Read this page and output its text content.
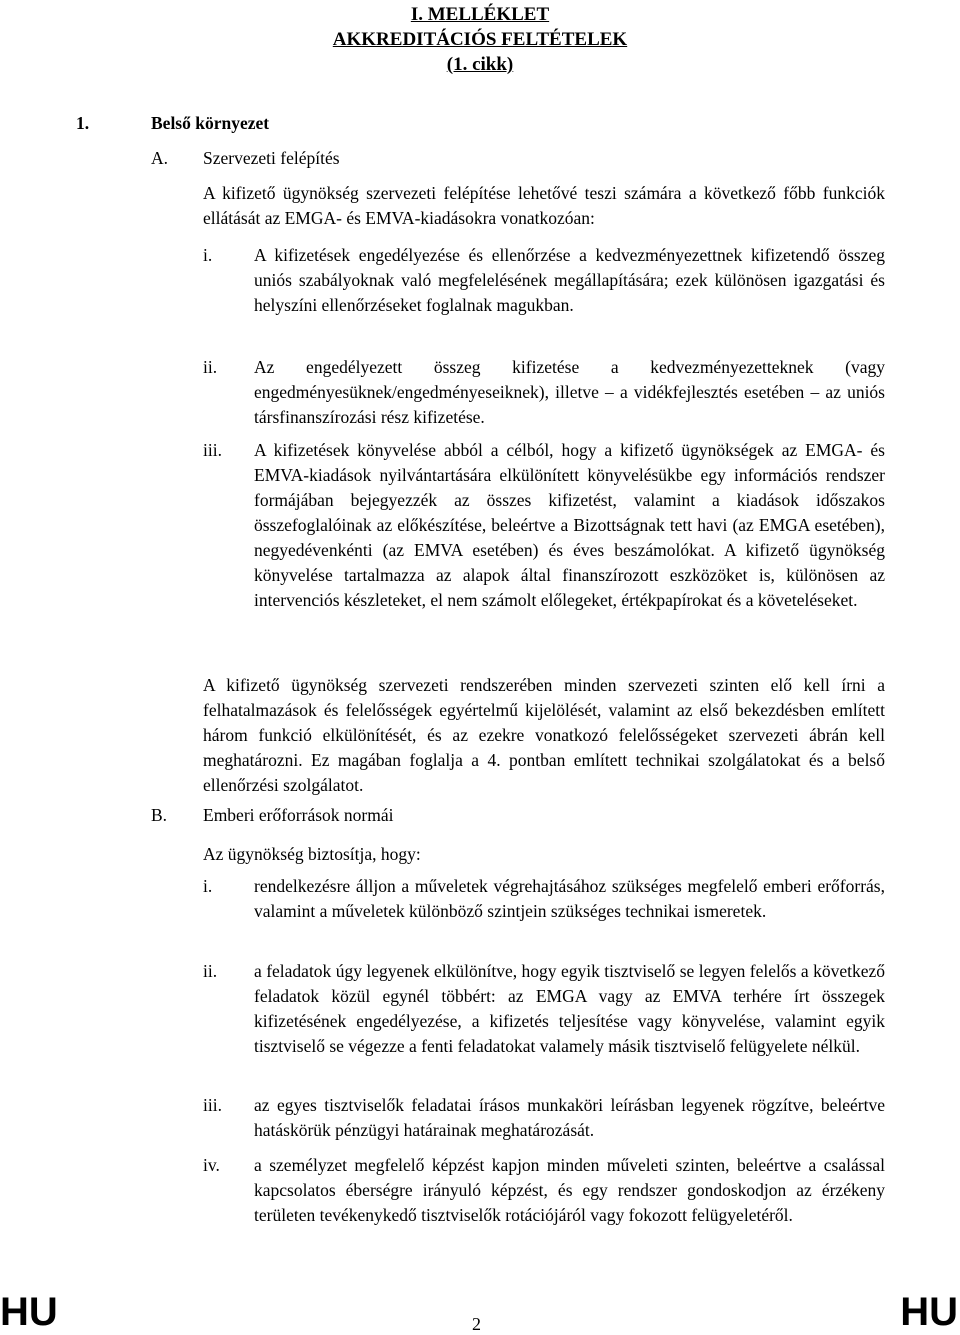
I. MELLÉKLET
AKKREDITÁCIÓS FELTÉTELEK
(1. cikk)
1.	Belső környezet
A. Szervezeti felépítés

A kifizető ügynökség szervezeti felépítése lehetővé teszi számára a következő főbb funkciók ellátását az EMGA- és EMVA-kiadásokra vonatkozóan:

i. A kifizetések engedélyezése és ellenőrzése a kedvezményezettnek kifizetendő összeg uniós szabályoknak való megfelelésének megállapítására; ezek különösen igazgatási és helyszíni ellenőrzéseket foglalnak magukban.

ii. Az engedélyezett összeg kifizetése a kedvezményezetteknek (vagy engedményesüknek/engedményeseiknek), illetve – a vidékfejlesztés esetében – az uniós társfinanszírozási rész kifizetése.

iii. A kifizetések könyvelése abból a célból, hogy a kifizető ügynökségek az EMGA- és EMVA-kiadások nyilvántartására elkülönített könyvelésükbe egy információs rendszer formájában bejegyezzék az összes kifizetést, valamint a kiadások időszakos összefoglalóinak az előkészítése, beleértve a Bizottságnak tett havi (az EMGA esetében), negyedévenkénti (az EMVA esetében) és éves beszámolókat. A kifizető ügynökség könyvelése tartalmazza az alapok által finanszírozott eszközöket is, különösen az intervenciós készleteket, el nem számolt előlegeket, értékpapírokat és a követeléseket.

A kifizető ügynökség szervezeti rendszerében minden szervezeti szinten elő kell írni a felhatalmazások és felelősségek egyértelmű kijelölését, valamint az első bekezdésben említett három funkció elkülönítését, és az ezekre vonatkozó felelősségeket szervezeti ábrán kell meghatározni. Ez magában foglalja a 4. pontban említett technikai szolgálatokat és a belső ellenőrzési szolgálatot.

B. Emberi erőforrások normái

Az ügynökség biztosítja, hogy:

i. rendelkezésre álljon a műveletek végrehajtásához szükséges megfelelő emberi erőforrás, valamint a műveletek különböző szintjein szükséges technikai ismeretek.

ii. a feladatok úgy legyenek elkülönítve, hogy egyik tisztviselő se legyen felelős a következő feladatok közül egynél többért: az EMGA vagy az EMVA terhére írt összegek kifizetésének engedélyezése, a kifizetés teljesítése vagy könyvelése, valamint egyik tisztviselő se végezze a fenti feladatokat valamely másik tisztviselő felügyelete nélkül.

iii. az egyes tisztviselők feladatai írásos munkaköri leírásban legyenek rögzítve, beleértve hatáskörük pénzügyi határainak meghatározását.

iv. a személyzet megfelelő képzést kapjon minden műveleti szinten, beleértve a csalással kapcsolatos éberségre irányuló képzést, és egy rendszer gondoskodjon az érzékeny területen tevékenykedő tisztviselők rotációjáról vagy fokozott felügyeletéről.

HU	2	HU
